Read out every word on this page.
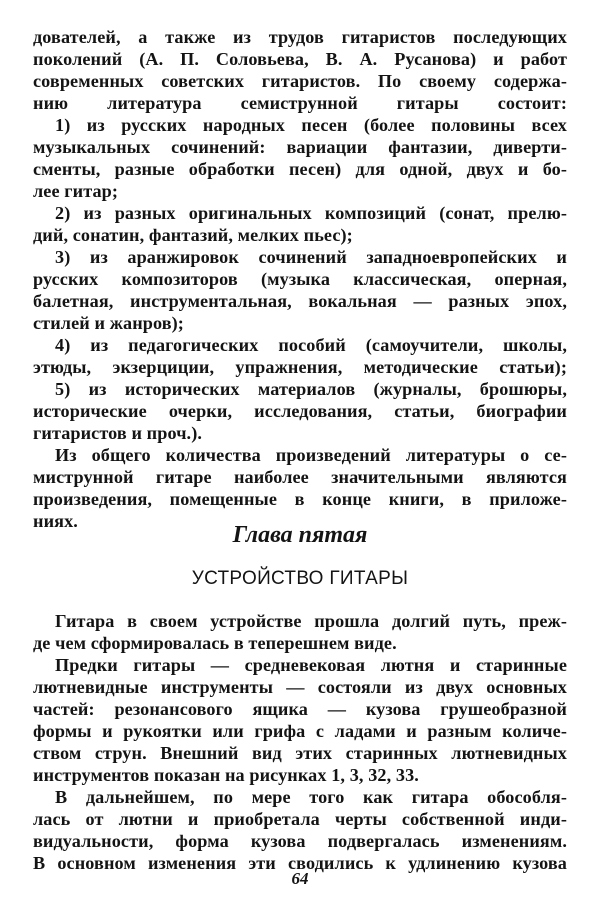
дователей, а также из трудов гитаристов последующих
поколений (А. П. Соловьева, В. А. Русанова) и работ
современных советских гитаристов. По своему содержа-
нию литература семиструнной гитары состоит:
1) из русских народных песен (более половины всех
музыкальных сочинений: вариации фантазии, диверти-
сменты, разные обработки песен) для одной, двух и бо-
лее гитар;
2) из разных оригинальных композиций (сонат, прелю-
дий, сонатин, фантазий, мелких пьес);
3) из аранжировок сочинений западноевропейских и
русских композиторов (музыка классическая, оперная,
балетная, инструментальная, вокальная — разных эпох,
стилей и жанров);
4) из педагогических пособий (самоучители, школы,
этюды, экзерциции, упражнения, методические статьи);
5) из исторических материалов (журналы, брошюры,
исторические очерки, исследования, статьи, биографии
гитаристов и проч.).
Из общего количества произведений литературы о се-
миструнной гитаре наиболее значительными являются
произведения, помещенные в конце книги, в приложе-
ниях.
Глава пятая
УСТРОЙСТВО ГИТАРЫ
Гитара в своем устройстве прошла долгий путь, преж-
де чем сформировалась в теперешнем виде.
Предки гитары — средневековая лютня и старинные
лютневидные инструменты — состояли из двух основных
частей: резонансового ящика — кузова грушеобразной
формы и рукоятки или грифа с ладами и разным количе-
ством струн. Внешний вид этих старинных лютневидных
инструментов показан на рисунках 1, 3, 32, 33.
В дальнейшем, по мере того как гитара обособля-
лась от лютни и приобретала черты собственной инди-
видуальности, форма кузова подвергалась изменениям.
В основном изменения эти сводились к удлинению кузова
64
